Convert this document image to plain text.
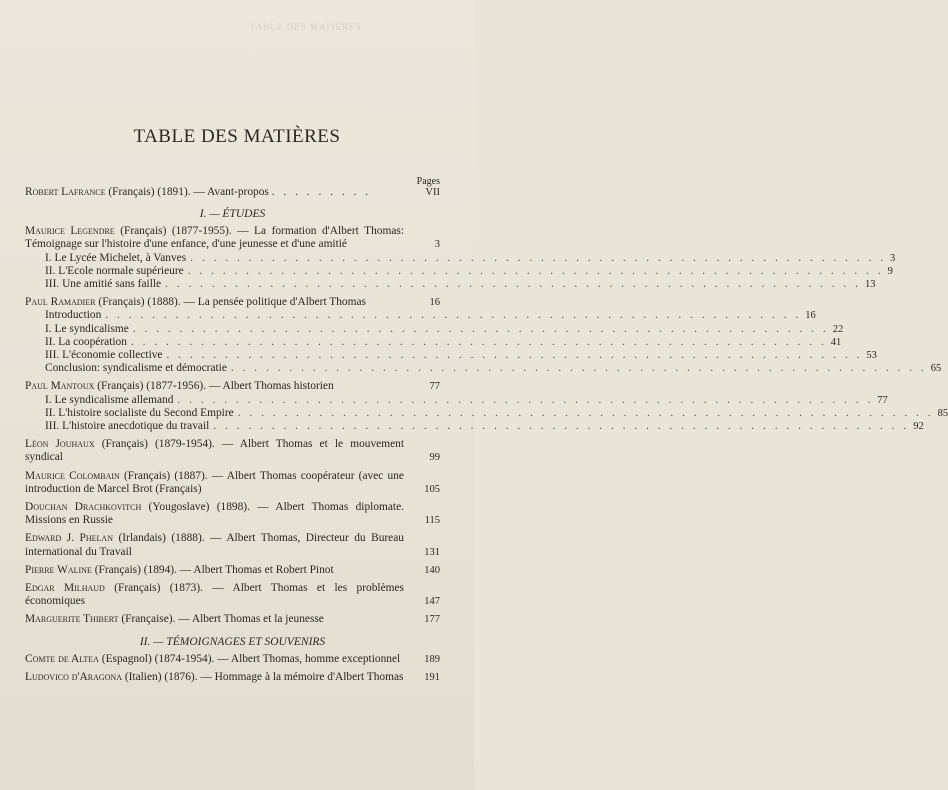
TABLE DES MATIÈRES
TABLE DES MATIÈRES
Pages
Robert Lafrance (Français) (1891). — Avant-propos . . . . . . . . .	VII
I. — ÉTUDES
Maurice Legendre (Français) (1877-1955). — La formation d'Albert Thomas: Témoignage sur l'histoire d'une enfance, d'une jeunesse et d'une amitié	3
I. Le Lycée Michelet, à Vanves . . . . . . . . . . . . . . . . . . . . . . . . . . . . . . . . . . . . . . . . . . . . . . . . . . . . . . . . . . . . 3
II. L'Ecole normale supérieure . . . . . . . . . . . . . . . . . . . . . . . . . . . . . . . . . . . . . . . . . . . . . . . . . . . . . . . . . . . . 9
III. Une amitié sans faille . . . . . . . . . . . . . . . . . . . . . . . . . . . . . . . . . . . . . . . . . . . . . . . . . . . . . . . . . . . . 13
Paul Ramadier (Français) (1888). — La pensée politique d'Albert Thomas	16
Introduction . . . . . . . . . . . . . . . . . . . . . . . . . . . . . . . . . . . . . . . . . . . . . . . . . . . . . . . . . . . . 16
I. Le syndicalisme . . . . . . . . . . . . . . . . . . . . . . . . . . . . . . . . . . . . . . . . . . . . . . . . . . . . . . . . . . . . 22
II. La coopération . . . . . . . . . . . . . . . . . . . . . . . . . . . . . . . . . . . . . . . . . . . . . . . . . . . . . . . . . . . . 41
III. L'économie collective . . . . . . . . . . . . . . . . . . . . . . . . . . . . . . . . . . . . . . . . . . . . . . . . . . . . . . . . . . . . 53
Conclusion: syndicalisme et démocratie . . . . . . . . . . . . . . . . . . . . . . . . . . . . . . . . . . . . . . . . . . . . . . . . . . . . . . . . . . . . 65
Paul Mantoux (Français) (1877-1956). — Albert Thomas historien	77
I. Le syndicalisme allemand . . . . . . . . . . . . . . . . . . . . . . . . . . . . . . . . . . . . . . . . . . . . . . . . . . . . . . . . . . . . 77
II. L'histoire socialiste du Second Empire . . . . . . . . . . . . . . . . . . . . . . . . . . . . . . . . . . . . . . . . . . . . . . . . . . . . . . . . . . . . 85
III. L'histoire anecdotique du travail . . . . . . . . . . . . . . . . . . . . . . . . . . . . . . . . . . . . . . . . . . . . . . . . . . . . . . . . . . . . 92
Léon Jouhaux (Français) (1879-1954). — Albert Thomas et le mouvement syndical	99
Maurice Colombain (Français) (1887). — Albert Thomas coopérateur (avec une introduction de Marcel Brot (Français)	105
Douchan Drachkovitch (Yougoslave) (1898). — Albert Thomas diplomate. Missions en Russie	115
Edward J. Phelan (Irlandais) (1888). — Albert Thomas, Directeur du Bureau international du Travail	131
Pierre Waline (Français) (1894). — Albert Thomas et Robert Pinot	140
Edgar Milhaud (Français) (1873). — Albert Thomas et les problèmes économiques	147
Marguerite Thibert (Française). — Albert Thomas et la jeunesse	177
II. — TÉMOIGNAGES ET SOUVENIRS
Comte de Altea (Espagnol) (1874-1954). — Albert Thomas, homme exceptionnel	189
Ludovico d'Aragona (Italien) (1876). — Hommage à la mémoire d'Albert Thomas	191
